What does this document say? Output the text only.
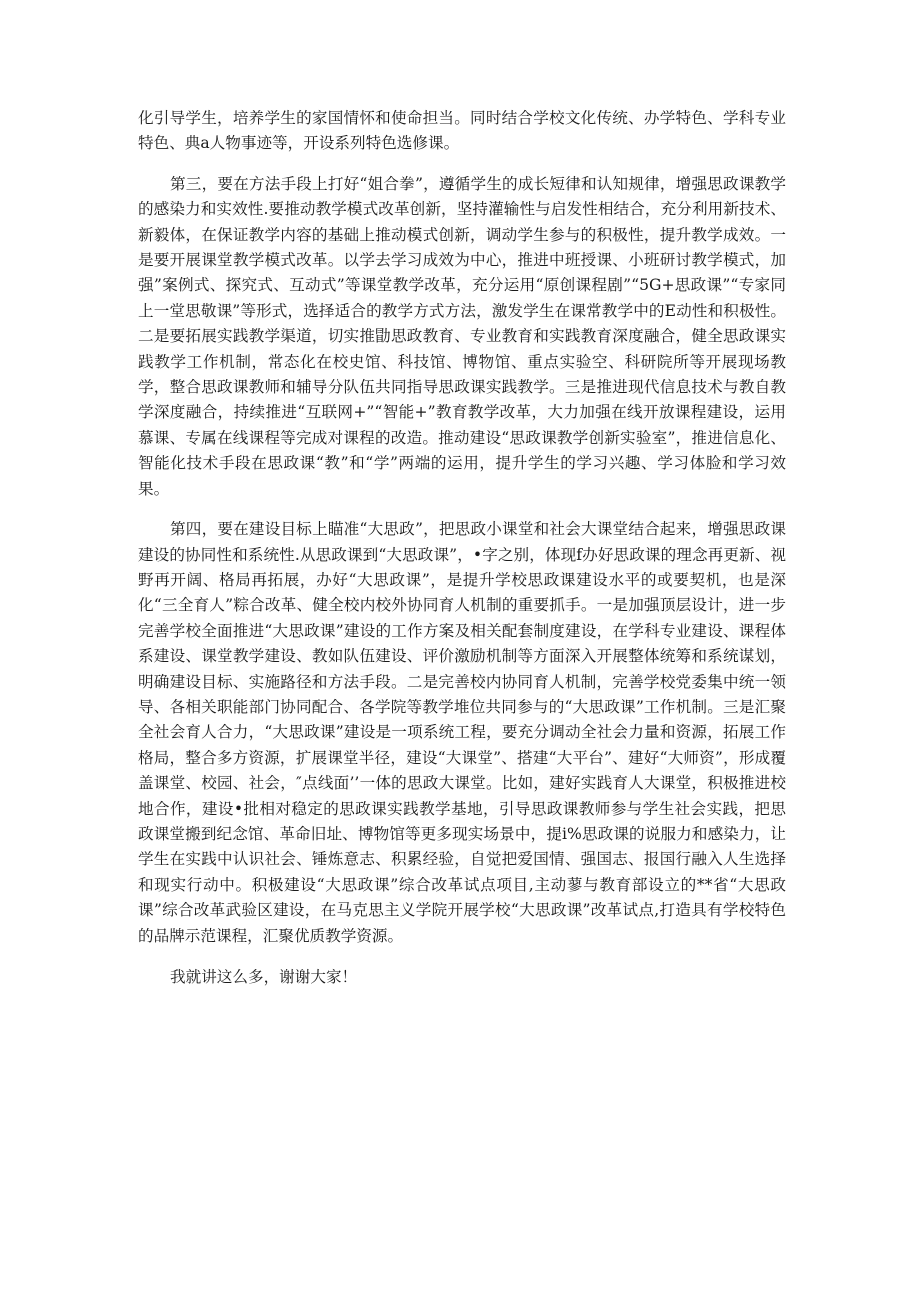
化引导学生，培养学生的家国情怀和使命担当。同时结合学校文化传统、办学特色、学科专业特色、典a人物事迹等，开设系列特色选修课。

第三，要在方法手段上打好“姐合拳”，遵循学生的成长短律和认知规律，增强思政课教学的感染力和实效性.要推动教学模式改革创新，坚持灌输性与启发性相结合，充分利用新技术、新毅体，在保证教学内容的基础上推动模式创新，调动学生参与的积极性，提升教学成效。一是要开展课堂教学模式改革。以学去学习成效为中心，推进中班授课、小班研讨教学模式，加强”案例式、探究式、互动式”等课堂教学改革，充分运用“原创课程剧”“5G+思政课”“专家同上一堂思敬课”等形式，选择适合的教学方式方法，激发学生在课常教学中的E动性和积极性。二是要拓展实践教学渠道，切实推勖思政教育、专业教育和实践教育深度融合，健全思政课实践教学工作机制，常态化在校史馆、科技馆、博物馆、重点实验空、科研院所等开展现场教学，整合思政课教师和辅导分队伍共同指导思政课实践教学。三是推进现代信息技术与教自教学深度融合，持续推进“互联网+”“智能+”教育教学改革，大力加强在线开放课程建设，运用慕课、专属在线课程等完成对课程的改造。推动建设“思政课教学创新实验室”，推进信息化、智能化技术手段在思政课“教”和“学”两端的运用，提升学生的学习兴趣、学习体脸和学习效果。

第四，要在建设目标上瞄准“大思政”，把思政小课堂和社会大课堂结合起来，增强思政课建设的协同性和系统性.从思政课到“大思政课”，•字之别，体现f办好思政课的理念再更新、视野再开阔、格局再拓展，办好“大思政课”，是提升学校思政课建设水平的或要契机，也是深化“三全育人”粽合改革、健全校内校外协同育人机制的重要抓手。一是加强顶层设计，进一步完善学校全面推进“大思政课”建设的工作方案及相关配套制度建设，在学科专业建设、课程体系建设、课堂教学建设、教如队伍建设、评价激励机制等方面深入开展整体统筹和系统谋划，明确建设目标、实施路径和方法手段。二是完善校内协同育人机制，完善学校党委集中统一领导、各相关职能部门协同配合、各学院等教学堆位共同参与的“大思政课”工作机制。三是汇聚全社会育人合力，“大思政课”建设是一项系统工程，要充分调动全社会力量和资源，拓展工作格局，整合多方资源，扩展课堂半径，建设“大课堂”、搭建“大平台”、建好“大师资”，形成覆盖课堂、校园、社会，″点线面’’一体的思政大课堂。比如，建好实践育人大课堂，积极推进校地合作，建设•批相对稳定的思政课实践教学基地，引导思政课教师参与学生社会实践，把思政课堂搬到纪念馆、革命旧址、博物馆等更多现实场景中，提i%思政课的说服力和感染力，让学生在实践中认识社会、锤炼意志、积累经验，自觉把爱国情、强国志、报国行融入人生选择和现实行动中。积极建设“大思政课”综合改革试点项目,主动蓼与教育部设立的**省“大思政课”综合改革武验区建设，在马克思主义学院开展学校“大思政课”改革试点,打造具有学校特色的品牌示范课程，汇聚优质教学资源。

我就讲这么多，谢谢大家！
